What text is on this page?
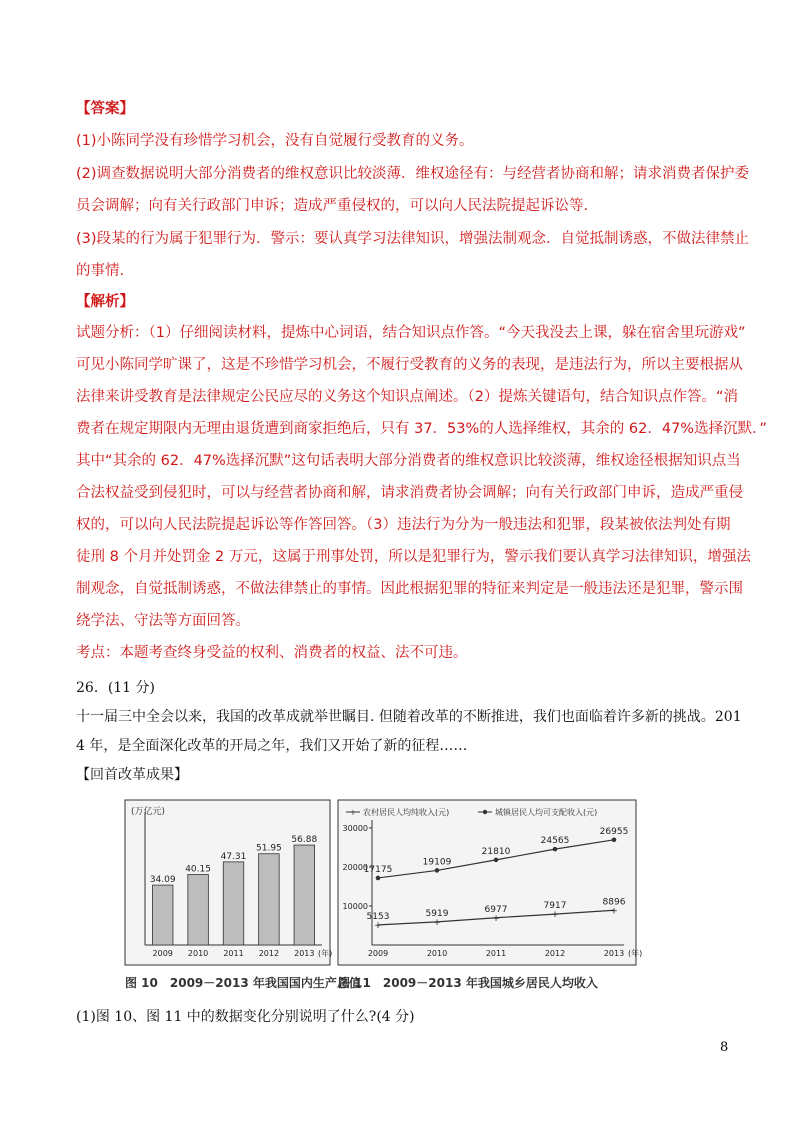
【答案】
(1)小陈同学没有珍惜学习机会，没有自觉履行受教育的义务。
(2)调查数据说明大部分消费者的维权意识比较淡薄．维权途径有：与经营者协商和解；请求消费者保护委
员会调解；向有关行政部门申诉；造成严重侵权的，可以向人民法院提起诉讼等.
(3)段某的行为属于犯罪行为．警示：要认真学习法律知识，增强法制观念．自觉抵制诱惑，不做法律禁止
的事情.
【解析】
试题分析：（1）仔细阅读材料，提炼中心词语，结合知识点作答。“今天我没去上课，躲在宿舍里玩游戏”
可见小陈同学旷课了，这是不珍惜学习机会，不履行受教育的义务的表现，是违法行为，所以主要根据从
法律来讲受教育是法律规定公民应尽的义务这个知识点阐述。（2）提炼关键语句，结合知识点作答。“消
费者在规定期限内无理由退货遭到商家拒绝后，只有 37．53%的人选择维权，其余的 62．47%选择沉默．”
其中“其余的 62．47%选择沉默”这句话表明大部分消费者的维权意识比较淡薄，维权途径根据知识点当
合法权益受到侵犯时，可以与经营者协商和解，请求消费者协会调解；向有关行政部门申诉，造成严重侵
权的，可以向人民法院提起诉讼等作答回答。（3）违法行为分为一般违法和犯罪，段某被依法判处有期
徒刑 8 个月并处罚金 2 万元，这属于刑事处罚，所以是犯罪行为，警示我们要认真学习法律知识，增强法
制观念，自觉抵制诱惑，不做法律禁止的事情。因此根据犯罪的特征来判定是一般违法还是犯罪，警示围
绕学法、守法等方面回答。
考点：本题考查终身受益的权利、消费者的权益、法不可违。
26．(11 分)
十一届三中全会以来，我国的改革成就举世瞩目. 但随着改革的不断推进，我们也面临着许多新的挑战。201
4 年，是全面深化改革的开局之年，我们又开始了新的征程……
【回首改革成果】
(万亿元)
34.09
2009
40.15
2010
47.31
2011
51.95
2012
56.88
2013 (年)
图 10　2009－2013 年我国国内生产总值
+ 农村居民人均纯收入(元)	城镇居民人均可支配收入(元)
10000
20000
30000
2009	2010	2011	2012	2013 (年)
+
5153
+
5919	+
6977
+
7917
+
8896
17175
19109
21810
24565
26955
图 11　2009－2013 年我国城乡居民人均收入
(1)图 10、图 11 中的数据变化分别说明了什么?(4 分)
8
